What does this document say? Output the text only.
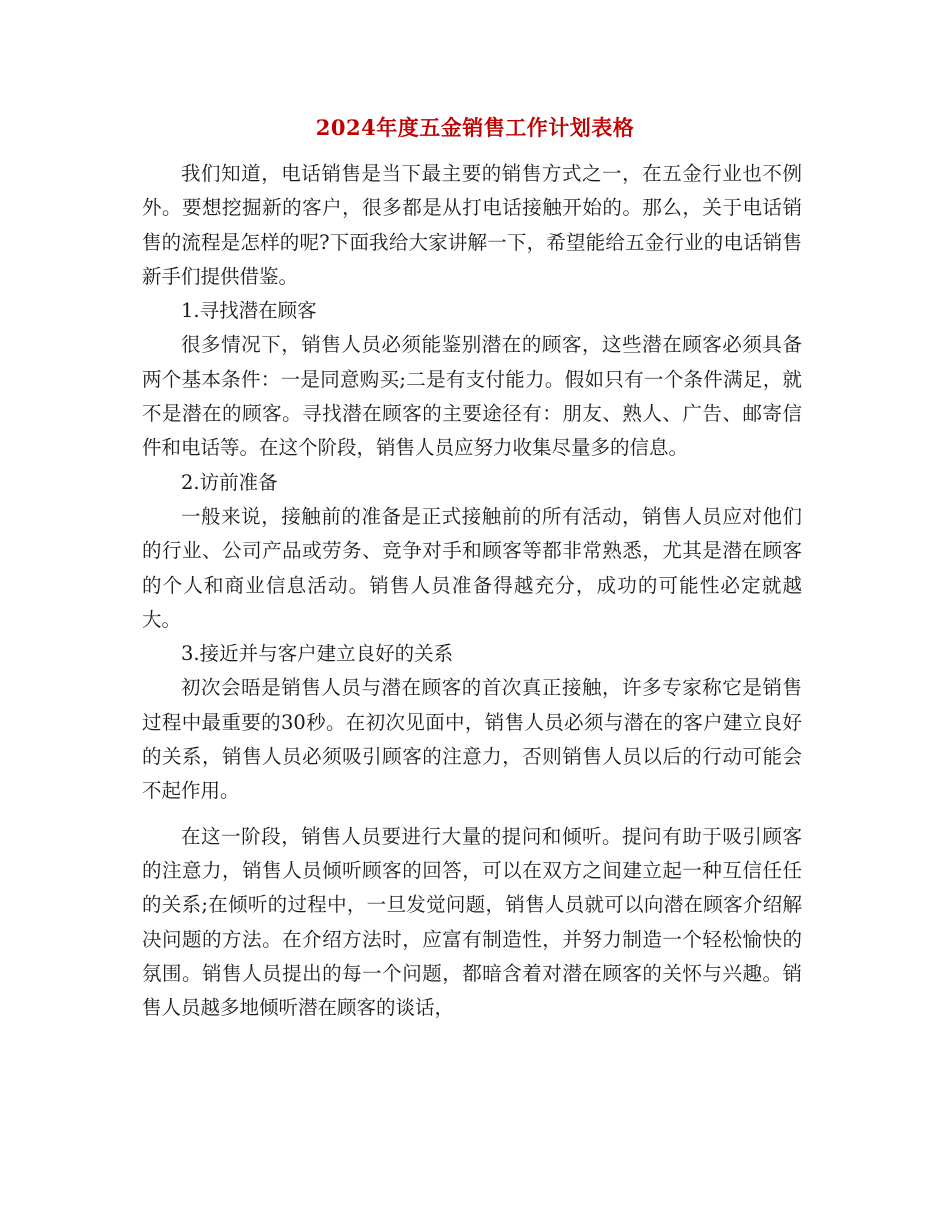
2024年度五金销售工作计划表格

我们知道，电话销售是当下最主要的销售方式之一，在五金行业也不例外。要想挖掘新的客户，很多都是从打电话接触开始的。那么，关于电话销售的流程是怎样的呢?下面我给大家讲解一下，希望能给五金行业的电话销售新手们提供借鉴。

1.寻找潜在顾客

很多情况下，销售人员必须能鉴别潜在的顾客，这些潜在顾客必须具备两个基本条件：一是同意购买;二是有支付能力。假如只有一个条件满足，就不是潜在的顾客。寻找潜在顾客的主要途径有：朋友、熟人、广告、邮寄信件和电话等。在这个阶段，销售人员应努力收集尽量多的信息。

2.访前准备

一般来说，接触前的准备是正式接触前的所有活动，销售人员应对他们的行业、公司产品或劳务、竞争对手和顾客等都非常熟悉，尤其是潜在顾客的个人和商业信息活动。销售人员准备得越充分，成功的可能性必定就越大。

3.接近并与客户建立良好的关系

初次会晤是销售人员与潜在顾客的首次真正接触，许多专家称它是销售过程中最重要的30秒。在初次见面中，销售人员必须与潜在的客户建立良好的关系，销售人员必须吸引顾客的注意力，否则销售人员以后的行动可能会不起作用。

在这一阶段，销售人员要进行大量的提问和倾听。提问有助于吸引顾客的注意力，销售人员倾听顾客的回答，可以在双方之间建立起一种互信任任的关系;在倾听的过程中，一旦发觉问题，销售人员就可以向潜在顾客介绍解决问题的方法。在介绍方法时，应富有制造性，并努力制造一个轻松愉快的氛围。销售人员提出的每一个问题，都暗含着对潜在顾客的关怀与兴趣。销售人员越多地倾听潜在顾客的谈话，
